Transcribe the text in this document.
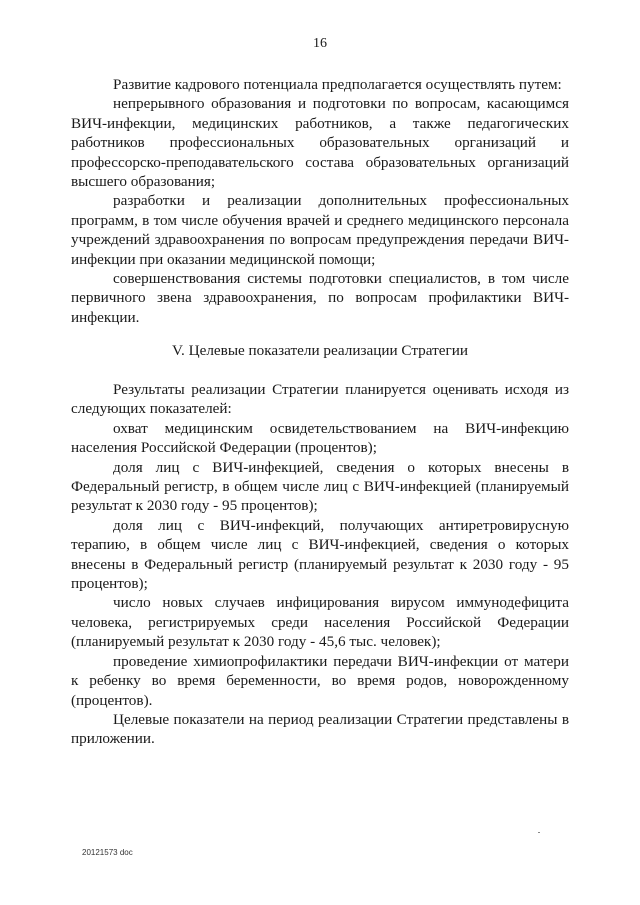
16

Развитие кадрового потенциала предполагается осуществлять путем:

непрерывного образования и подготовки по вопросам, касающимся ВИЧ-инфекции, медицинских работников, а также педагогических работников профессиональных образовательных организаций и профессорско-преподавательского состава образовательных организаций высшего образования;

разработки и реализации дополнительных профессиональных программ, в том числе обучения врачей и среднего медицинского персонала учреждений здравоохранения по вопросам предупреждения передачи ВИЧ-инфекции при оказании медицинской помощи;

совершенствования системы подготовки специалистов, в том числе первичного звена здравоохранения, по вопросам профилактики ВИЧ-инфекции.

V. Целевые показатели реализации Стратегии

Результаты реализации Стратегии планируется оценивать исходя из следующих показателей:

охват медицинским освидетельствованием на ВИЧ-инфекцию населения Российской Федерации (процентов);

доля лиц с ВИЧ-инфекцией, сведения о которых внесены в Федеральный регистр, в общем числе лиц с ВИЧ-инфекцией (планируемый результат к 2030 году - 95 процентов);

доля лиц с ВИЧ-инфекций, получающих антиретровирусную терапию, в общем числе лиц с ВИЧ-инфекцией, сведения о которых внесены в Федеральный регистр (планируемый результат к 2030 году - 95 процентов);

число новых случаев инфицирования вирусом иммунодефицита человека, регистрируемых среди населения Российской Федерации (планируемый результат к 2030 году - 45,6 тыс. человек);

проведение химиопрофилактики передачи ВИЧ-инфекции от матери к ребенку во время беременности, во время родов, новорожденному (процентов).

Целевые показатели на период реализации Стратегии представлены в приложении.

20121573 doc
